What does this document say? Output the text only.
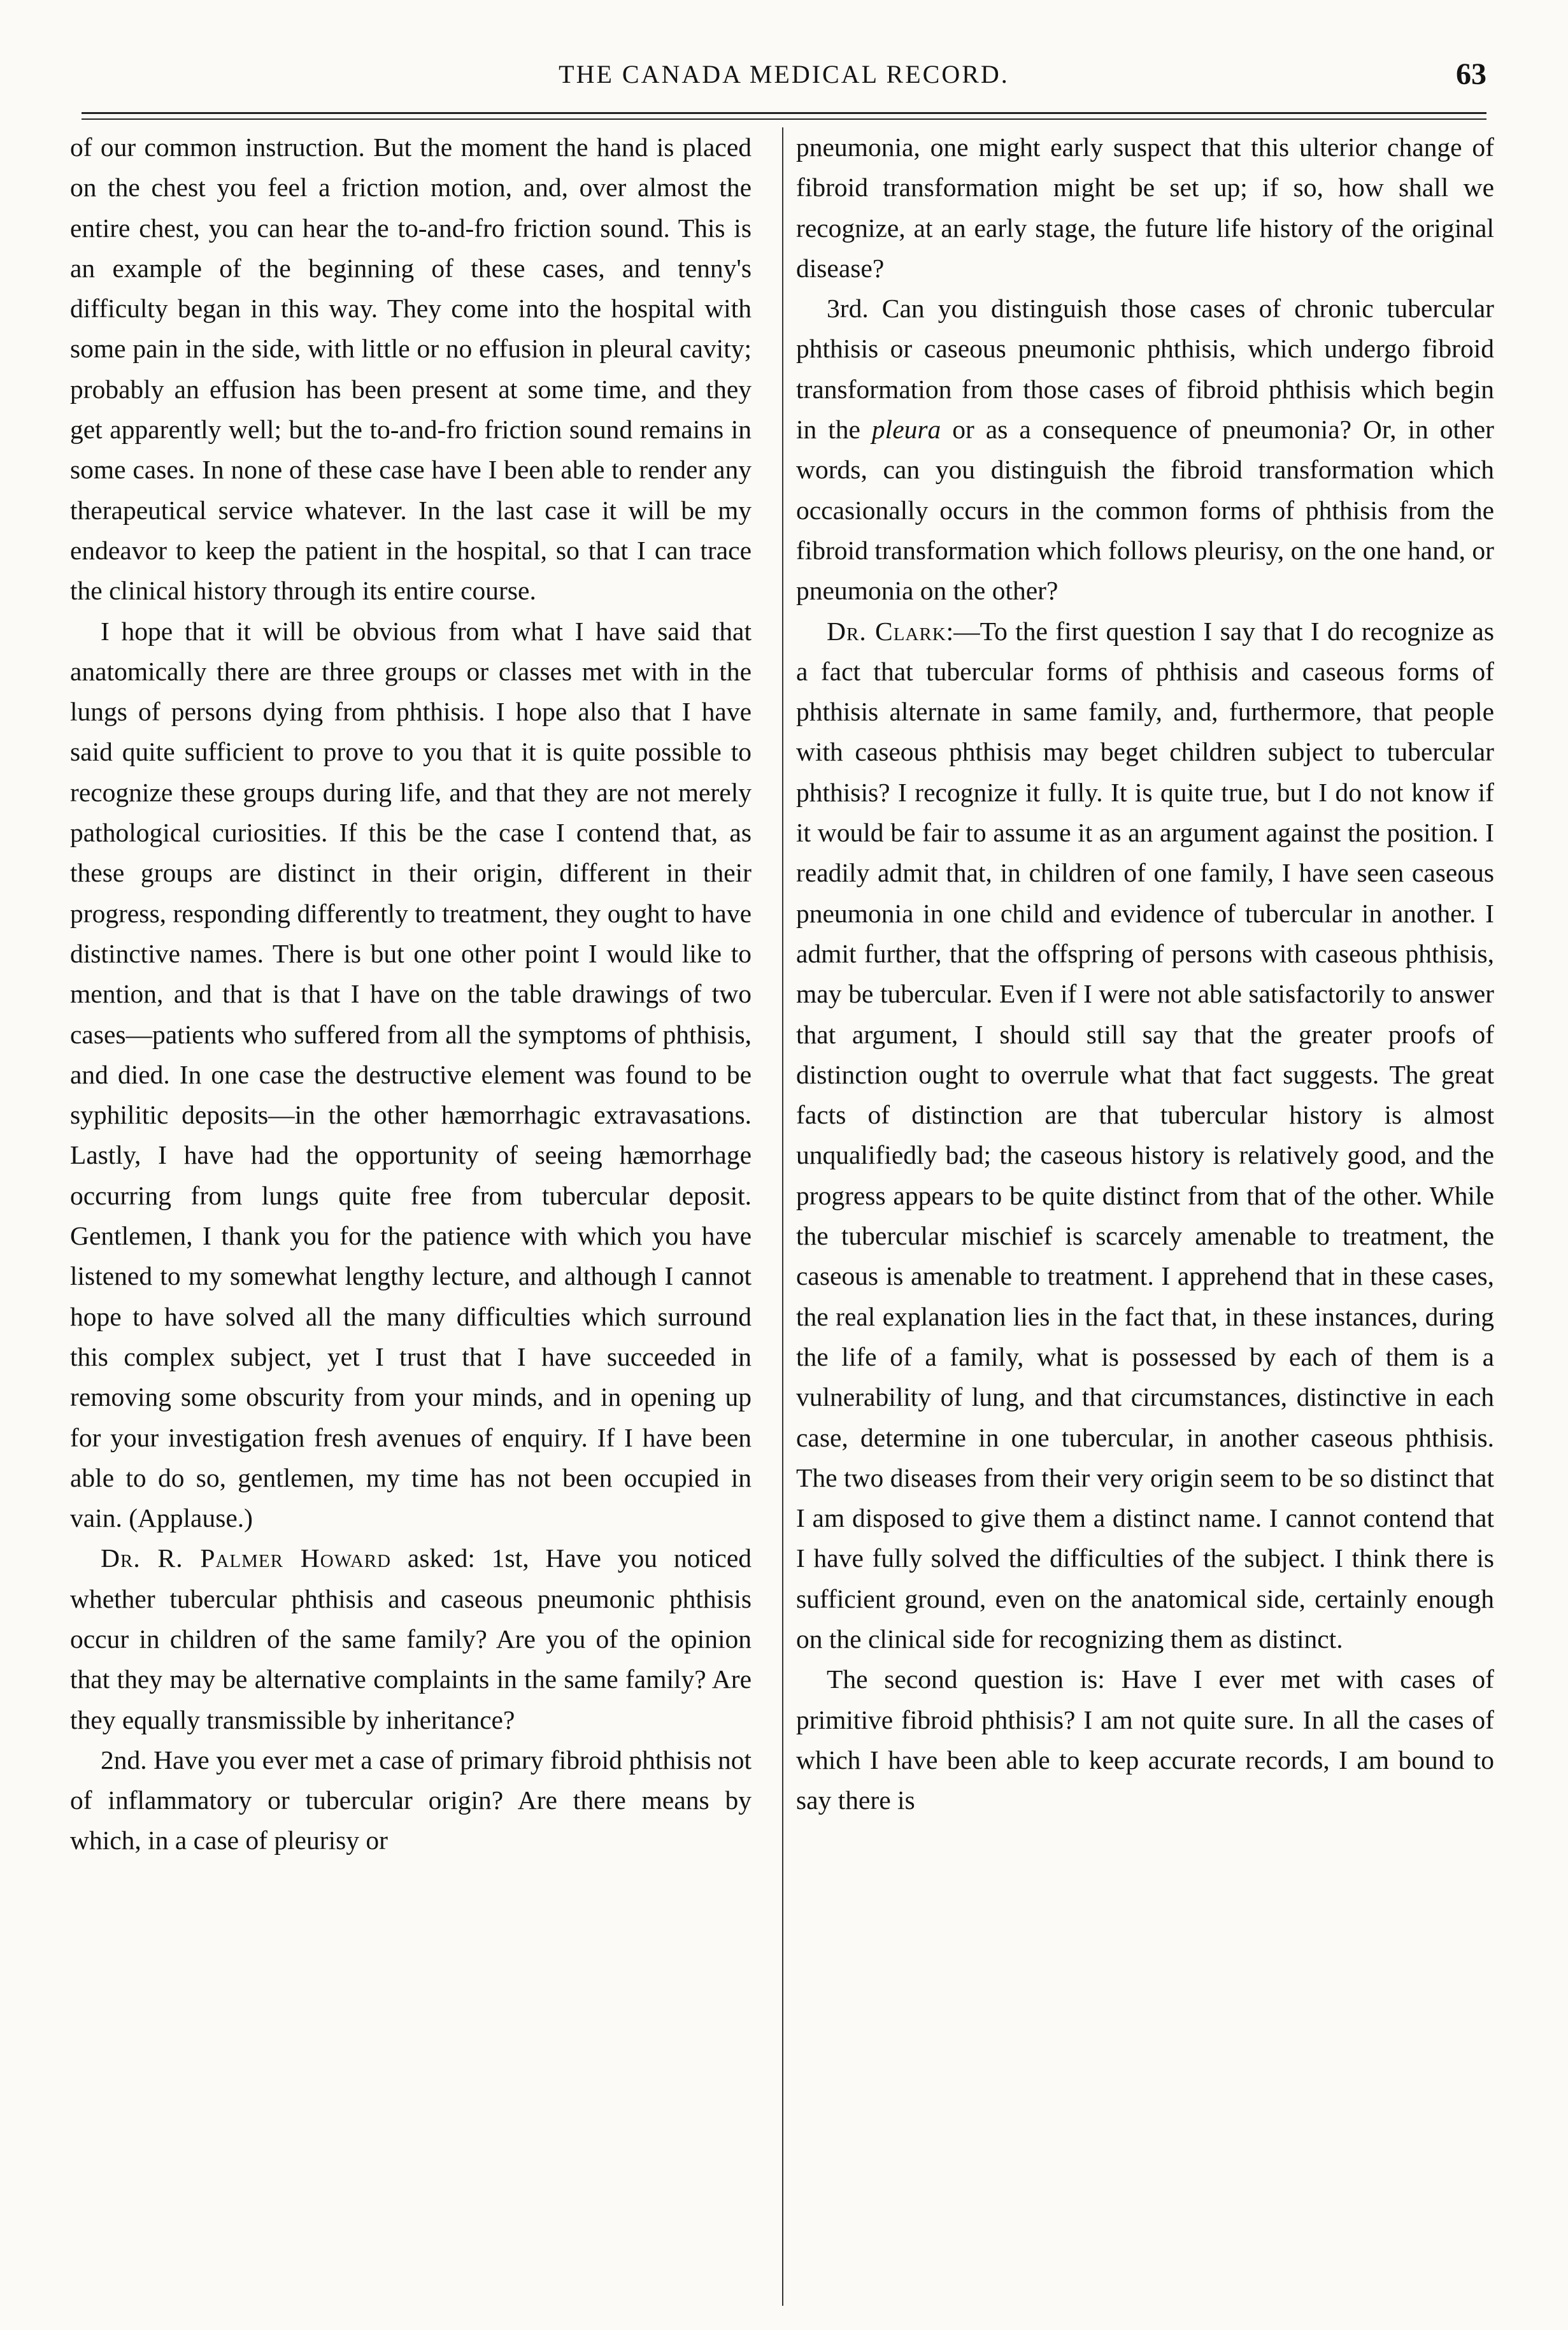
THE CANADA MEDICAL RECORD.	63

of our common instruction. But the moment the hand is placed on the chest you feel a friction motion, and, over almost the entire chest, you can hear the to-and-fro friction sound. This is an example of the beginning of these cases, and tenny's difficulty began in this way. They come into the hospital with some pain in the side, with little or no effusion in pleural cavity; probably an effusion has been present at some time, and they get apparently well; but the to-and-fro friction sound remains in some cases. In none of these case have I been able to render any therapeutical service whatever. In the last case it will be my endeavor to keep the patient in the hospital, so that I can trace the clinical history through its entire course.

I hope that it will be obvious from what I have said that anatomically there are three groups or classes met with in the lungs of persons dying from phthisis. I hope also that I have said quite sufficient to prove to you that it is quite possible to recognize these groups during life, and that they are not merely pathological curiosities. If this be the case I contend that, as these groups are distinct in their origin, different in their progress, responding differently to treatment, they ought to have distinctive names. There is but one other point I would like to mention, and that is that I have on the table drawings of two cases—patients who suffered from all the symptoms of phthisis, and died. In one case the destructive element was found to be syphilitic deposits—in the other hæmorrhagic extravasations. Lastly, I have had the opportunity of seeing hæmorrhage occurring from lungs quite free from tubercular deposit. Gentlemen, I thank you for the patience with which you have listened to my somewhat lengthy lecture, and although I cannot hope to have solved all the many difficulties which surround this complex subject, yet I trust that I have succeeded in removing some obscurity from your minds, and in opening up for your investigation fresh avenues of enquiry. If I have been able to do so, gentlemen, my time has not been occupied in vain. (Applause.)

Dr. R. Palmer Howard asked: 1st, Have you noticed whether tubercular phthisis and caseous pneumonic phthisis occur in children of the same family? Are you of the opinion that they may be alternative complaints in the same family? Are they equally transmissible by inheritance?

2nd. Have you ever met a case of primary fibroid phthisis not of inflammatory or tubercular origin? Are there means by which, in a case of pleurisy or

pneumonia, one might early suspect that this ulterior change of fibroid transformation might be set up; if so, how shall we recognize, at an early stage, the future life history of the original disease?

3rd. Can you distinguish those cases of chronic tubercular phthisis or caseous pneumonic phthisis, which undergo fibroid transformation from those cases of fibroid phthisis which begin in the pleura or as a consequence of pneumonia? Or, in other words, can you distinguish the fibroid transformation which occasionally occurs in the common forms of phthisis from the fibroid transformation which follows pleurisy, on the one hand, or pneumonia on the other?

Dr. Clark:—To the first question I say that I do recognize as a fact that tubercular forms of phthisis and caseous forms of phthisis alternate in same family, and, furthermore, that people with caseous phthisis may beget children subject to tubercular phthisis? I recognize it fully. It is quite true, but I do not know if it would be fair to assume it as an argument against the position. I readily admit that, in children of one family, I have seen caseous pneumonia in one child and evidence of tubercular in another. I admit further, that the offspring of persons with caseous phthisis, may be tubercular. Even if I were not able satisfactorily to answer that argument, I should still say that the greater proofs of distinction ought to overrule what that fact suggests. The great facts of distinction are that tubercular history is almost unqualifiedly bad; the caseous history is relatively good, and the progress appears to be quite distinct from that of the other. While the tubercular mischief is scarcely amenable to treatment, the caseous is amenable to treatment. I apprehend that in these cases, the real explanation lies in the fact that, in these instances, during the life of a family, what is possessed by each of them is a vulnerability of lung, and that circumstances, distinctive in each case, determine in one tubercular, in another caseous phthisis. The two diseases from their very origin seem to be so distinct that I am disposed to give them a distinct name. I cannot contend that I have fully solved the difficulties of the subject. I think there is sufficient ground, even on the anatomical side, certainly enough on the clinical side for recognizing them as distinct.

The second question is: Have I ever met with cases of primitive fibroid phthisis? I am not quite sure. In all the cases of which I have been able to keep accurate records, I am bound to say there is
